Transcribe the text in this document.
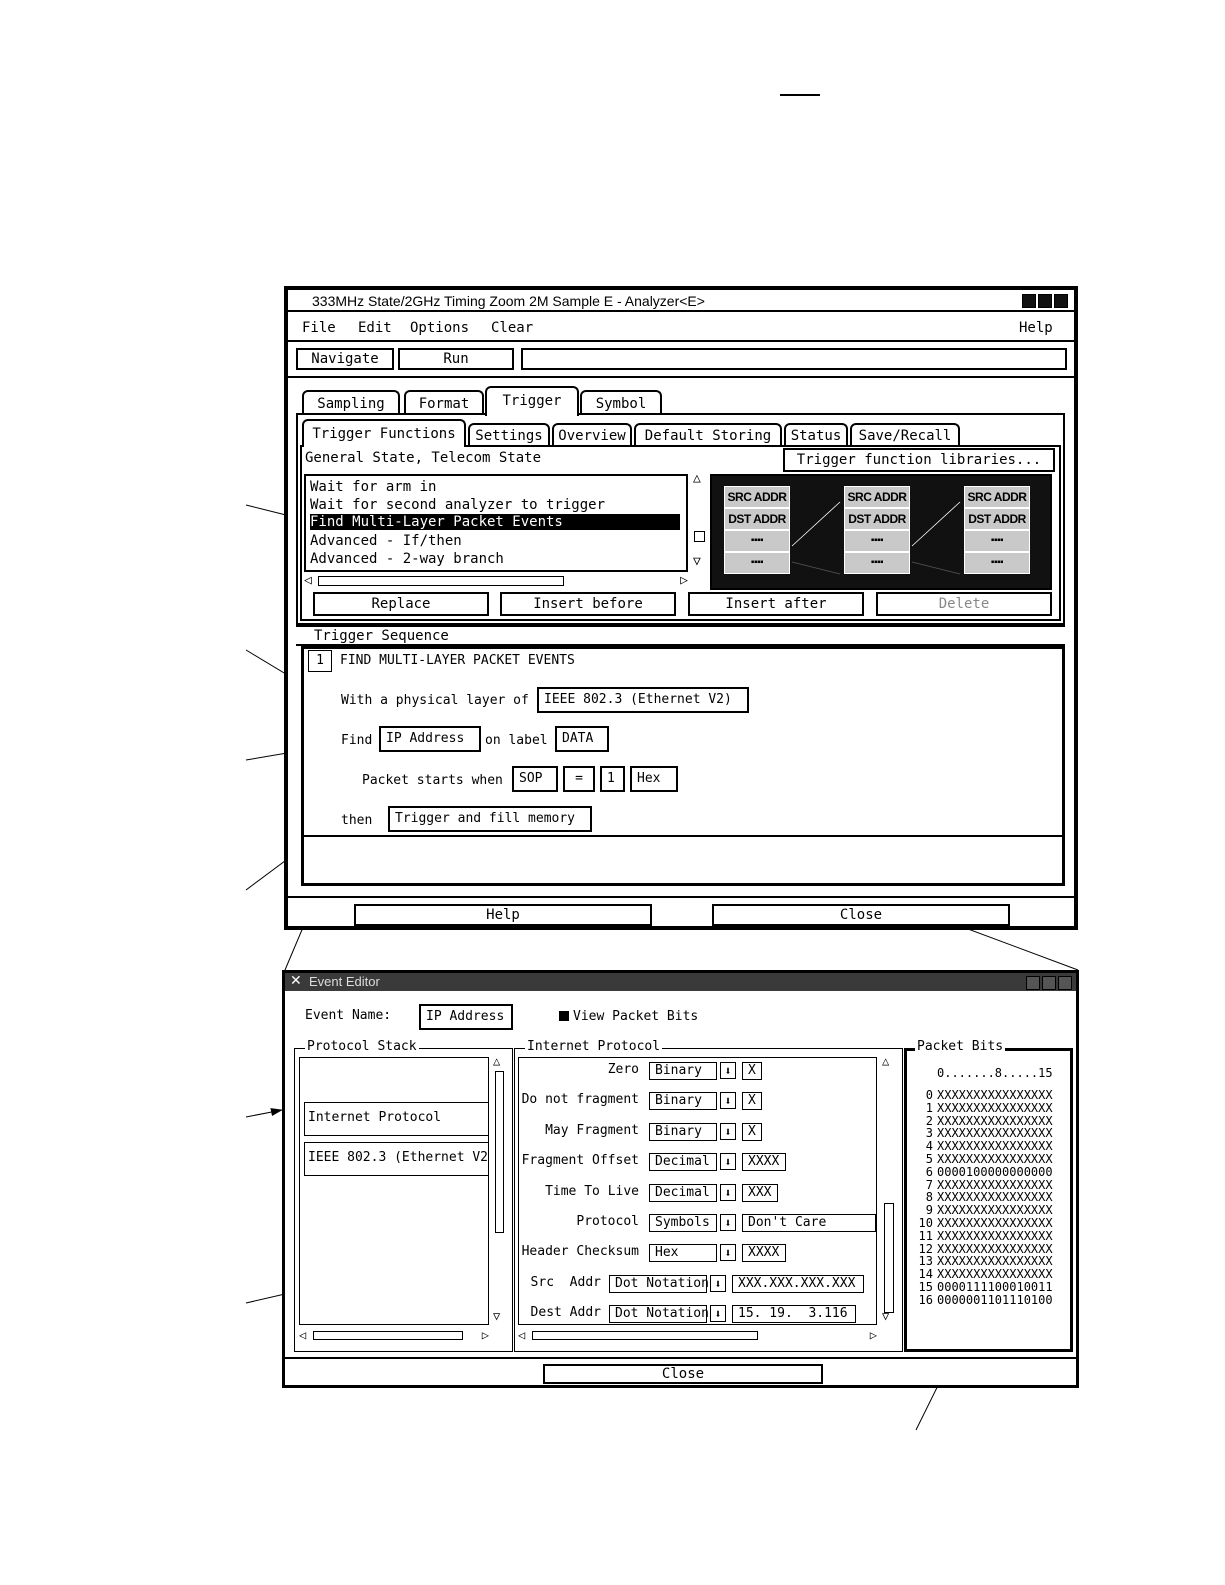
333MHz State/2GHz Timing Zoom 2M Sample E - Analyzer<E>
File Edit Options Clear	Help
Navigate	Run
Sampling	Format	Trigger	Symbol
Trigger Functions	Settings	Overview	Default Storing	Status	Save/Recall
General State, Telecom State	Trigger function libraries...
Wait for arm in
Wait for second analyzer to trigger
Find Multi-Layer Packet Events
Advanced - If/then
Advanced - 2-way branch
◁	▷
△
▽
SRC ADDR
DST ADDR
▪▪▪▪
▪▪▪▪
SRC ADDR
DST ADDR
▪▪▪▪
▪▪▪▪
SRC ADDR
DST ADDR
▪▪▪▪
▪▪▪▪
Replace	Insert before	Insert after	Delete
Trigger Sequence
1	FIND MULTI-LAYER PACKET EVENTS
With a physical layer of	IEEE 802.3 (Ethernet V2)
Find	IP Address	on label	DATA
Packet starts when	SOP	=	1	Hex
then	Trigger and fill memory
Help	Close
✕ Event Editor
Event Name:	IP Address	View Packet Bits
Protocol Stack
Internet Protocol
IEEE 802.3 (Ethernet V2
△
▽
◁	▷
Internet Protocol
Zero	Binary	⬇	X
Do not fragment	Binary	⬇	X
May Fragment	Binary	⬇	X
Fragment Offset	Decimal	⬇	XXXX
Time To Live	Decimal	⬇	XXX
Protocol	Symbols	⬇	Don't Care
Header Checksum	Hex	⬇	XXXX
Src  Addr	Dot Notation ⬇	XXX.XXX.XXX.XXX
Dest Addr	Dot Notation ⬇	15. 19.  3.116
△
▽
◁	▷
Packet Bits
0.......8.....15
0 XXXXXXXXXXXXXXXX
1 XXXXXXXXXXXXXXXX
2 XXXXXXXXXXXXXXXX
3 XXXXXXXXXXXXXXXX
4 XXXXXXXXXXXXXXXX
5 XXXXXXXXXXXXXXXX
6 0000100000000000
7 XXXXXXXXXXXXXXXX
8 XXXXXXXXXXXXXXXX
9 XXXXXXXXXXXXXXXX
10 XXXXXXXXXXXXXXXX
11 XXXXXXXXXXXXXXXX
12 XXXXXXXXXXXXXXXX
13 XXXXXXXXXXXXXXXX
14 XXXXXXXXXXXXXXXX
15 0000111100010011
16 0000001101110100
Close
